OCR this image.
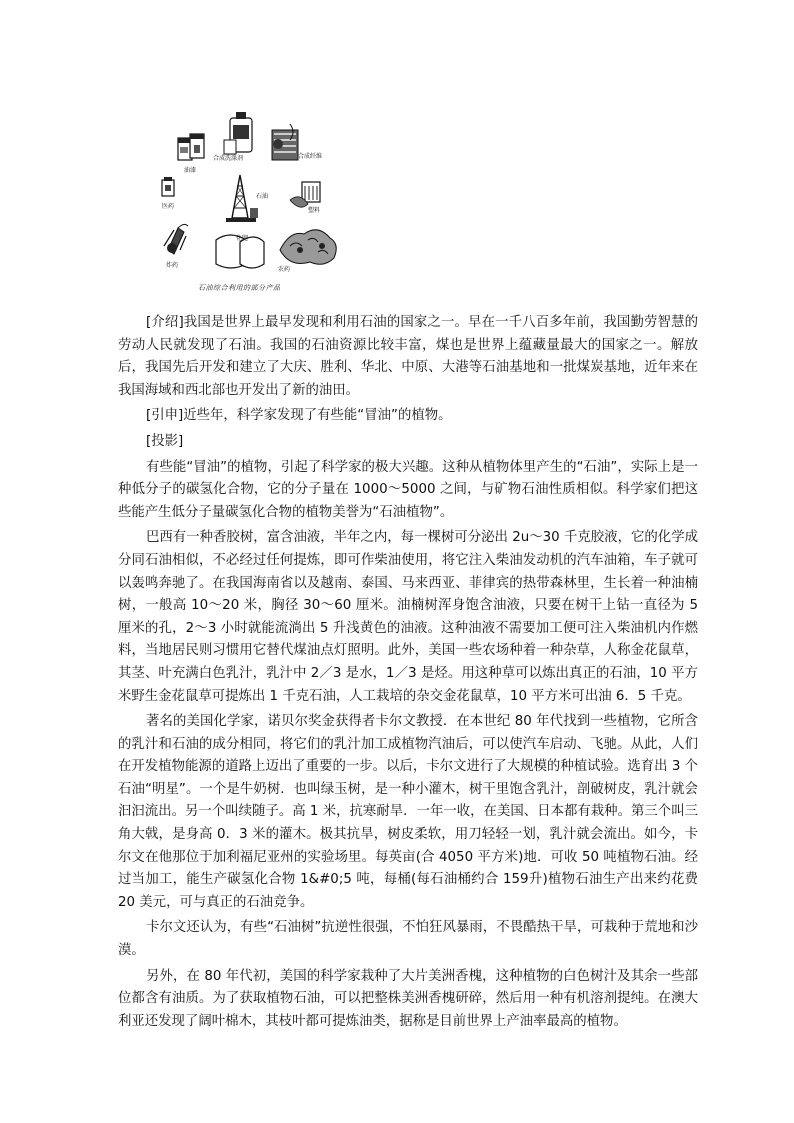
油漆
合成洗涤剂	合成纤维
医药
石油
塑料
炸药
化肥
农药
石油综合利用的部分产品

[介绍]我国是世界上最早发现和利用石油的国家之一。早在一千八百多年前，我国勤劳智慧的劳动人民就发现了石油。我国的石油资源比较丰富，煤也是世界上蕴藏量最大的国家之一。解放后，我国先后开发和建立了大庆、胜利、华北、中原、大港等石油基地和一批煤炭基地，近年来在我国海域和西北部也开发出了新的油田。

[引申]近些年，科学家发现了有些能“冒油”的植物。

[投影]

有些能“冒油”的植物，引起了科学家的极大兴趣。这种从植物体里产生的“石油”，实际上是一种低分子的碳氢化合物，它的分子量在 1000～5000 之间，与矿物石油性质相似。科学家们把这些能产生低分子量碳氢化合物的植物美誉为“石油植物”。

巴西有一种香胶树，富含油液，半年之内，每一棵树可分泌出 2u～30 千克胶液，它的化学成分同石油相似，不必经过任何提炼，即可作柴油使用，将它注入柴油发动机的汽车油箱，车子就可以轰鸣奔驰了。在我国海南省以及越南、泰国、马来西亚、菲律宾的热带森林里，生长着一种油楠树，一般高 10～20 米，胸径 30～60 厘米。油楠树浑身饱含油液，只要在树干上钻一直径为 5 厘米的孔，2～3 小时就能流淌出 5 升浅黄色的油液。这种油液不需要加工便可注入柴油机内作燃料，当地居民则习惯用它替代煤油点灯照明。此外，美国一些农场种着一种杂草，人称金花鼠草，其茎、叶充满白色乳汁，乳汁中 2／3 是水，1／3 是烃。用这种草可以炼出真正的石油，10 平方米野生金花鼠草可提炼出 1 千克石油，人工栽培的杂交金花鼠草，10 平方米可出油 6．5 千克。

著名的美国化学家，诺贝尔奖金获得者卡尔文教授．在本世纪 80 年代找到一些植物，它所含的乳汁和石油的成分相同，将它们的乳汁加工成植物汽油后，可以使汽车启动、飞驰。从此，人们在开发植物能源的道路上迈出了重要的一步。以后，卡尔文进行了大规模的种植试验。选育出 3 个石油“明星”。一个是牛奶树．也叫绿玉树，是一种小灌木，树干里饱含乳汁，剖破树皮，乳汁就会汩汩流出。另一个叫续随子。高 1 米，抗寒耐旱．一年一收，在美国、日本都有栽种。第三个叫三角大戟，是身高 0．3 米的灌木。极其抗旱，树皮柔软，用刀轻轻一划，乳汁就会流出。如今，卡尔文在他那位于加利福尼亚州的实验场里。每英亩(合 4050 平方米)地．可收 50 吨植物石油。经过当加工，能生产碳氢化合物 1&#0;5 吨，每桶(每石油桶约合 159升)植物石油生产出来约花费 20 美元，可与真正的石油竞争。

卡尔文还认为，有些“石油树”抗逆性很强，不怕狂风暴雨，不畏酷热干旱，可栽种于荒地和沙漠。

另外，在 80 年代初，美国的科学家栽种了大片美洲香槐，这种植物的白色树汁及其余一些部位都含有油质。为了获取植物石油，可以把整株美洲香槐研碎，然后用一种有机溶剂提纯。在澳大利亚还发现了阔叶棉木，其枝叶都可提炼油类，据称是目前世界上产油率最高的植物。
